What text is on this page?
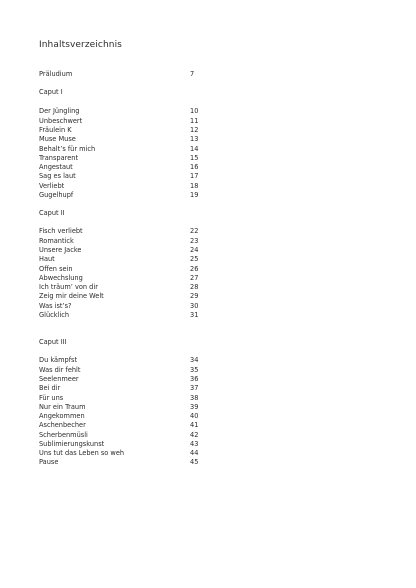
Inhaltsverzeichnis
Präludium	7
Caput I
Der Jüngling	10
Unbeschwert	11
Fräulein K	12
Muse Muse	13
Behalt’s für mich	14
Transparent	15
Angestaut	16
Sag es laut	17
Verliebt	18
Gugelhupf	19
Caput II
Fisch verliebt	22
Romantick	23
Unsere Jacke	24
Haut	25
Offen sein	26
Abwechslung	27
Ich träum’ von dir	28
Zeig mir deine Welt	29
Was ist’s?	30
Glücklich	31
Caput III
Du kämpfst	34
Was dir fehlt	35
Seelenmeer	36
Bei dir	37
Für uns	38
Nur ein Traum	39
Angekommen	40
Aschenbecher	41
Scherbenmüsli	42
Sublimierungskunst	43
Uns tut das Leben so weh	44
Pause	45
